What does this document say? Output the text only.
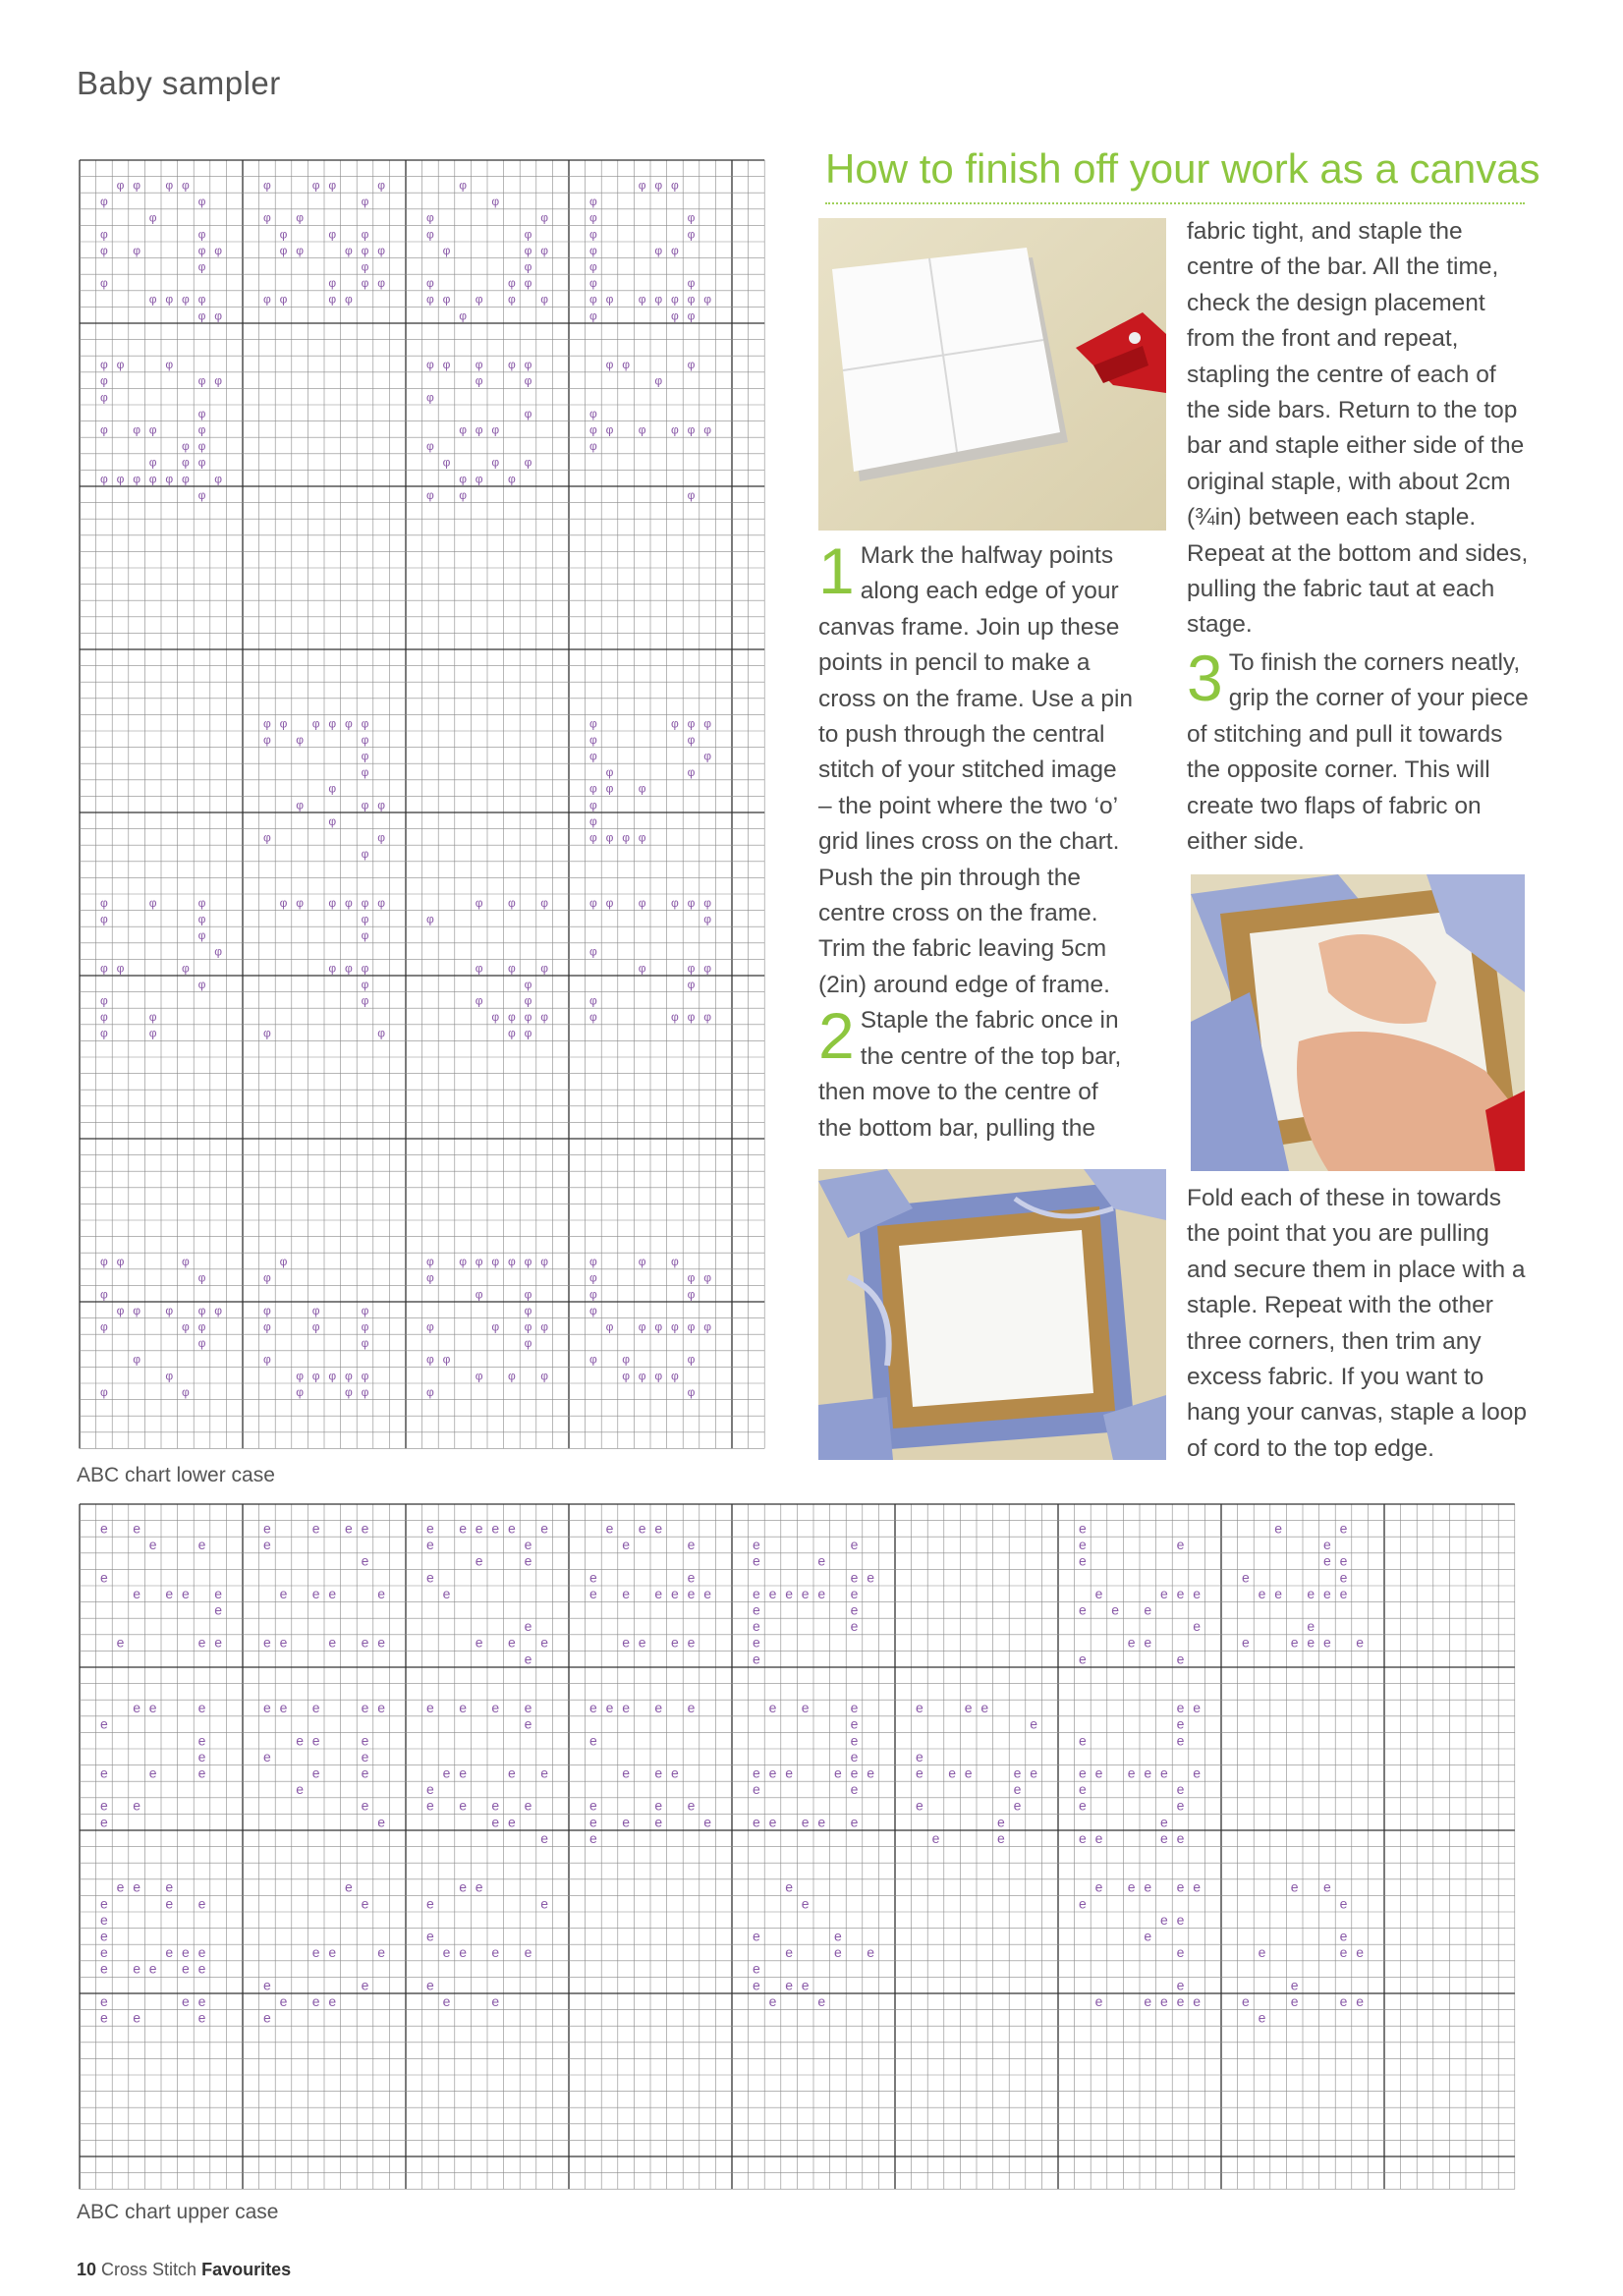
Baby sampler
φ φ φ φ
φ	φ
φ
φ	φ
φ φ	φ φ
φ
φ
φ φ φ φ
φ φ
φ	φ φ	φ
φ
φ φ
φ	φ φ
φ φ	φ φ φ
φ
φ φ φ
φ φ	φ φ
φ
φ
φ	φ
φ	φ
φ	φ φ
φ
φ	φ φ
φ φ φ φ φ
φ
φ φ φ
φ
φ	φ
φ	φ
φ	φ φ
φ
φ	φ
φ φ φ φ φ φ φ
φ	φ φ
φ φ	φ
φ	φ φ
φ
φ
φ φ φ	φ
φ φ
φ φ φ
φ φ φ φ φ φ φ
φ
φ φ φ φ φ
φ	φ
φ
φ
φ φ φ
φ
φ	φ φ
φ φ φ
φ φ
φ φ	φ
φ
φ
φ φ φ φ φ φ
φ
φ
φ φ φ φ φ φ
φ φ	φ
φ
φ
φ
φ	φ φ
φ
φ	φ
φ
φ	φ φ φ
φ	φ
φ	φ
φ	φ
φ φ φ
φ
φ
φ φ φ φ
φ	φ	φ
φ	φ
φ
φ
φ φ	φ
φ
φ
φ	φ
φ	φ
φ φ φ φ φ φ
φ
φ
φ φ φ
φ
φ
φ	φ
φ φ φ
φ
φ φ φ
φ
φ	φ
φ φ φ φ
φ φ
φ φ φ φ φ φ
φ
φ
φ	φ φ
φ
φ
φ	φ φ φ
φ φ	φ
φ
φ
φ φ φ φ φ
φ	φ φ
φ
φ
φ
φ	φ
φ
φ
φ	φ	φ
φ	φ	φ
φ
φ
φ φ φ φ φ
φ	φ φ
φ φ φ φ φ φ φ
φ
φ	φ
φ
φ	φ φ φ
φ
φ φ
φ φ φ
φ
φ	φ φ
φ	φ φ
φ	φ
φ
φ φ φ φ φ φ
φ φ	φ
φ φ φ φ
φ
ABC chart lower case
How to finish off your work as a canvas

1 Mark the halfway points along each edge of your canvas frame. Join up these points in pencil to make a cross on the frame. Use a pin to push through the central stitch of your stitched image – the point where the two ‘o’ grid lines cross on the chart. Push the pin through the centre cross on the frame. Trim the fabric leaving 5cm (2in) around edge of frame.

2 Staple the fabric once in the centre of the top bar, then move to the centre of the bottom bar, pulling the

fabric tight, and staple the centre of the bar. All the time, check the design placement from the front and repeat, stapling the centre of each of the side bars. Return to the top bar and staple either side of the original staple, with about 2cm (¾in) between each staple. Repeat at the bottom and sides, pulling the fabric taut at each stage.

3 To finish the corners neatly, grip the corner of your piece of stitching and pull it towards the opposite corner. This will create two flaps of fabric on either side.

Fold each of these in towards the point that you are pulling and secure them in place with a staple. Repeat with the other three corners, then trim any excess fabric. If you want to hang your canvas, staple a loop of cord to the top edge.

e e
e	e
e
e e e e
e
e	e e
e	e e e
e
e
e e e	e
e e	e e e
e e e e e e
e	e
e	e
e
e
e
e e e
e
e e e
e	e
e	e
e e e e e e
e e e e
e	e
e	e
e e
e e e e e e
e	e
e	e
e
e
e
e	e
e
e	e e e
e e e
e
e e
e	e
e	e
e
e e
e	e
e e e e e
e
e	e e e e
e e	e
e
e
e
e	e	e
e e
e
e e e	e e
e e	e
e	e
e	e
e
e
e
e e e e
e
e e	e e
e
e e e e
e e
e
e e e e e
e
e e e
e	e e
e e e	e
e
e e	e
e
e
e
e e e	e e e
e	e
e e e e e
e	e e
e
e
e e e	e e
e
e	e
e
e	e
e e
e
e	e
e e e e e e
e	e
e	e
e
e e	e e
e e e
e	e e
e
e
e	e e e
e e e e e
e	e e
e e	e
e
e
e e	e
e	e
e e e
e
e e
e	e
e
e e e e
e
e	e
e
e
e	e
e	e e
e
e e e
e	e
e e e e e
e
e e
e
e
e
e	e e e e
e e
e
e
e	e e
e
e	e	e e
e
ABC chart upper case
10 Cross Stitch Favourites
